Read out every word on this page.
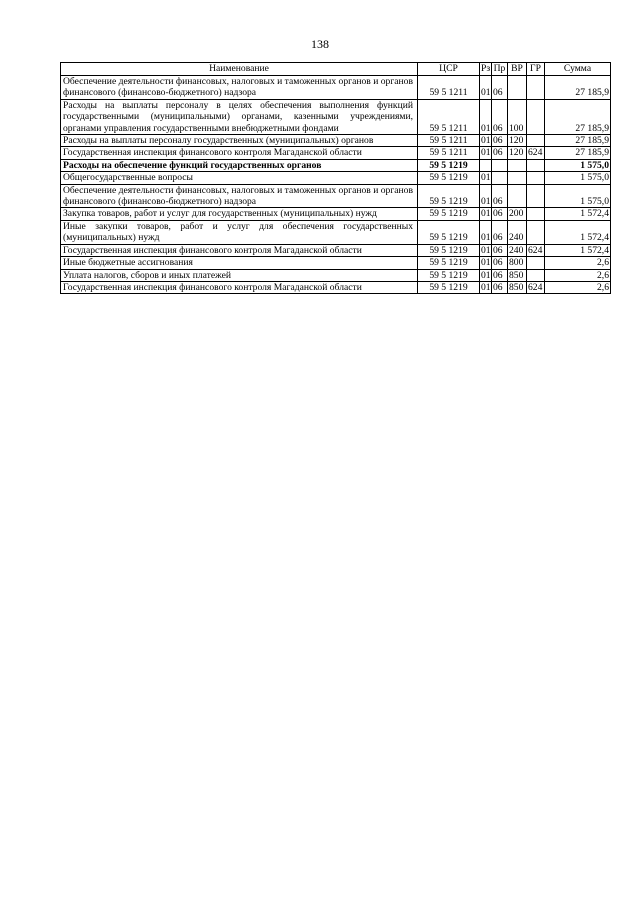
138
Наименование	ЦСР	Рз	Пр	ВР	ГР	Сумма
Обеспечение деятельности финансовых, налоговых и таможенных органов и органов финансового (финансово-бюджетного) надзора	59 5 1211	01	06			27 185,9
Расходы на выплаты персоналу в целях обеспечения выполнения функций государственными (муниципальными) органами, казенными учреждениями, органами управления государственными внебюджетными фондами	59 5 1211	01	06	100		27 185,9
Расходы на выплаты персоналу государственных (муниципальных) органов	59 5 1211	01	06	120		27 185,9
Государственная инспекция финансового контроля Магаданской области	59 5 1211	01	06	120	624	27 185,9
Расходы на обеспечение функций государственных органов	59 5 1219					1 575,0
Общегосударственные вопросы	59 5 1219	01				1 575,0
Обеспечение деятельности финансовых, налоговых и таможенных органов и органов финансового (финансово-бюджетного) надзора	59 5 1219	01	06			1 575,0
Закупка товаров, работ и услуг для государственных (муниципальных) нужд	59 5 1219	01	06	200		1 572,4
Иные закупки товаров, работ и услуг для обеспечения государственных (муниципальных) нужд	59 5 1219	01	06	240		1 572,4
Государственная инспекция финансового контроля Магаданской области	59 5 1219	01	06	240	624	1 572,4
Иные бюджетные ассигнования	59 5 1219	01	06	800		2,6
Уплата налогов, сборов и иных платежей	59 5 1219	01	06	850		2,6
Государственная инспекция финансового контроля Магаданской области	59 5 1219	01	06	850	624	2,6
